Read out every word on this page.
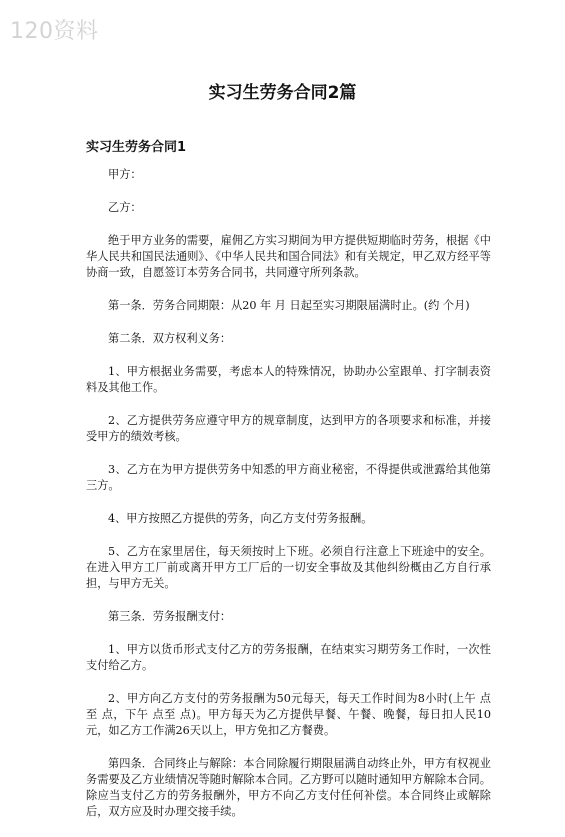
120资料
实习生劳务合同2篇
实习生劳务合同1

甲方：

乙方：

绝于甲方业务的需要，雇佣乙方实习期间为甲方提供短期临时劳务，根据《中华人民共和国民法通则》、《中华人民共和国合同法》和有关规定，甲乙双方经平等协商一致，自愿签订本劳务合同书，共同遵守所列条款。

第一条．劳务合同期限：从20 年 月 日起至实习期限届满时止。(约 个月)

第二条．双方权利义务：

1、甲方根据业务需要，考虑本人的特殊情况，协助办公室跟单、打字制表资料及其他工作。

2、乙方提供劳务应遵守甲方的规章制度，达到甲方的各项要求和标准，并接受甲方的绩效考核。

3、乙方在为甲方提供劳务中知悉的甲方商业秘密，不得提供或泄露给其他第三方。

4、甲方按照乙方提供的劳务，向乙方支付劳务报酬。

5、乙方在家里居住，每天须按时上下班。必须自行注意上下班途中的安全。在进入甲方工厂前或离开甲方工厂后的一切安全事故及其他纠纷概由乙方自行承担，与甲方无关。

第三条．劳务报酬支付：

1、甲方以货币形式支付乙方的劳务报酬，在结束实习期劳务工作时，一次性支付给乙方。

2、甲方向乙方支付的劳务报酬为50元每天，每天工作时间为8小时(上午 点至 点，下午 点至 点)。甲方每天为乙方提供早餐、午餐、晚餐，每日扣人民10元，如乙方工作满26天以上，甲方免扣乙方餐费。

第四条．合同终止与解除：本合同除履行期限届满自动终止外，甲方有权视业务需要及乙方业绩情况等随时解除本合同。乙方野可以随时通知甲方解除本合同。除应当支付乙方的劳务报酬外，甲方不向乙方支付任何补偿。本合同终止或解除后，双方应及时办理交接手续。
